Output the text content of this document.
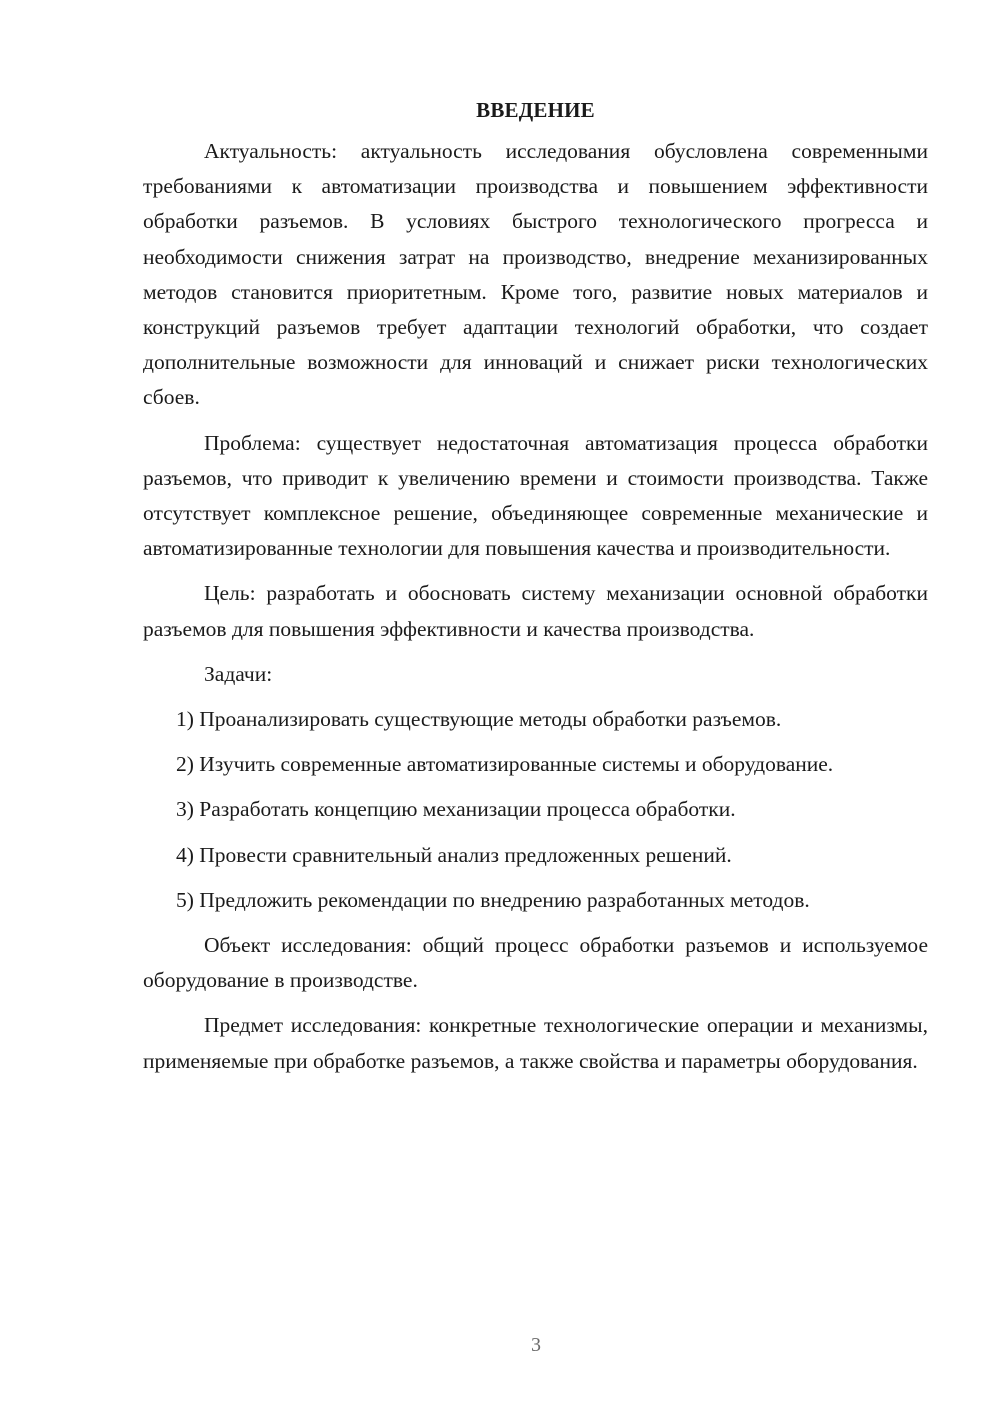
ВВЕДЕНИЕ

Актуальность: актуальность исследования обусловлена современными требованиями к автоматизации производства и повышением эффективности обработки разъемов. В условиях быстрого технологического прогресса и необходимости снижения затрат на производство, внедрение механизированных методов становится приоритетным. Кроме того, развитие новых материалов и конструкций разъемов требует адаптации технологий обработки, что создает дополнительные возможности для инноваций и снижает риски технологических сбоев.

Проблема: существует недостаточная автоматизация процесса обработки разъемов, что приводит к увеличению времени и стоимости производства. Также отсутствует комплексное решение, объединяющее современные механические и автоматизированные технологии для повышения качества и производительности.

Цель: разработать и обосновать систему механизации основной обработки разъемов для повышения эффективности и качества производства.

Задачи:

1) Проанализировать существующие методы обработки разъемов.

2) Изучить современные автоматизированные системы и оборудование.

3) Разработать концепцию механизации процесса обработки.

4) Провести сравнительный анализ предложенных решений.

5) Предложить рекомендации по внедрению разработанных методов.

Объект исследования: общий процесс обработки разъемов и используемое оборудование в производстве.

Предмет исследования: конкретные технологические операции и механизмы, применяемые при обработке разъемов, а также свойства и параметры оборудования.

3
